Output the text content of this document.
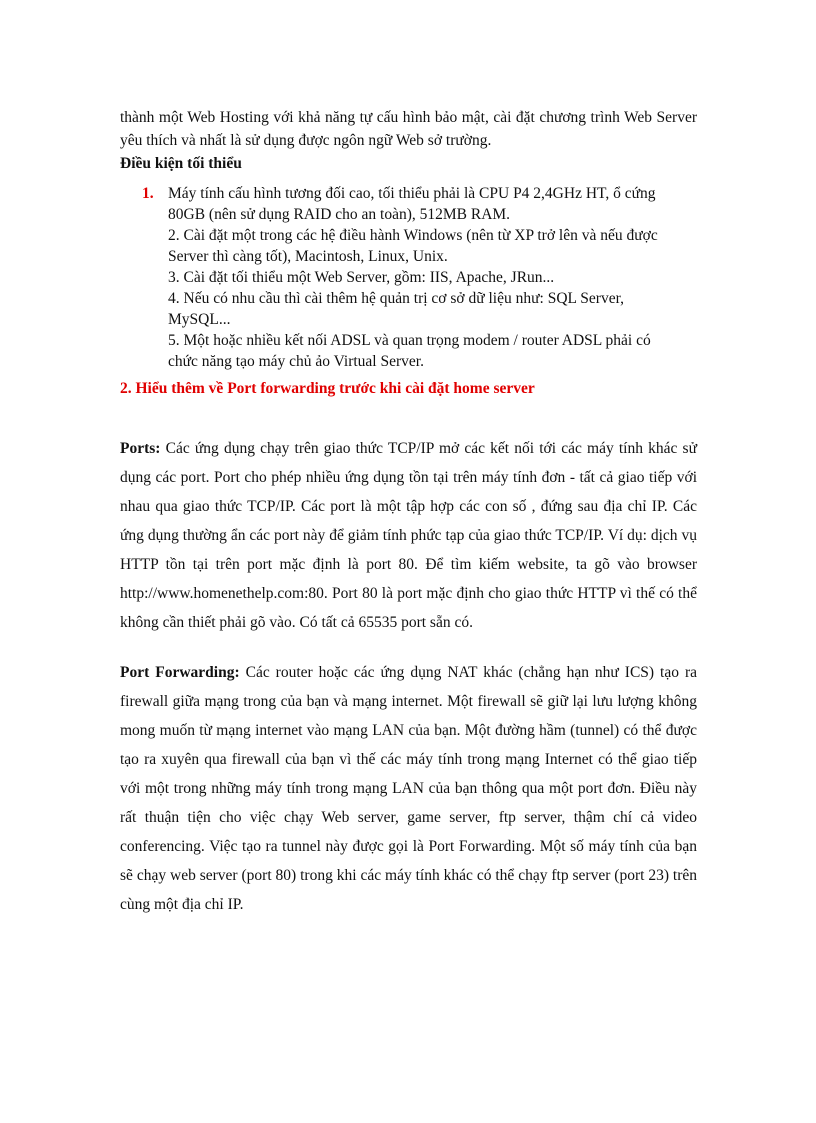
thành một Web Hosting với khả năng tự cấu hình bảo mật, cài đặt chương trình Web Server yêu thích và nhất là sử dụng được ngôn ngữ Web sở trường.

Điều kiện tối thiểu
1. Máy tính cấu hình tương đối cao, tối thiểu phải là CPU P4 2,4GHz HT, ổ cứng 80GB (nên sử dụng RAID cho an toàn), 512MB RAM.
2. Cài đặt một trong các hệ điều hành Windows (nên từ XP trở lên và nếu được Server thì càng tốt), Macintosh, Linux, Unix.
3. Cài đặt tối thiểu một Web Server, gồm: IIS, Apache, JRun...
4. Nếu có nhu cầu thì cài thêm hệ quản trị cơ sở dữ liệu như: SQL Server, MySQL...
5. Một hoặc nhiều kết nối ADSL và quan trọng modem / router ADSL phải có chức năng tạo máy chủ ảo Virtual Server.
2. Hiểu thêm về Port forwarding trước khi cài đặt home server

Ports: Các ứng dụng chạy trên giao thức TCP/IP mở các kết nối tới các máy tính khác sử dụng các port. Port cho phép nhiều ứng dụng tồn tại trên máy tính đơn - tất cả giao tiếp với nhau qua giao thức TCP/IP. Các port là một tập hợp các con số , đứng sau địa chỉ IP. Các ứng dụng thường ẩn các port này để giảm tính phức tạp của giao thức TCP/IP. Ví dụ: dịch vụ HTTP tồn tại trên port mặc định là port 80. Để tìm kiếm website, ta gõ vào browser http://www.homenethelp.com:80. Port 80 là port mặc định cho giao thức HTTP vì thế có thể không cần thiết phải gõ vào. Có tất cả 65535 port sẵn có.

Port Forwarding: Các router hoặc các ứng dụng NAT khác (chẳng hạn như ICS) tạo ra firewall giữa mạng trong của bạn và mạng internet. Một firewall sẽ giữ lại lưu lượng không mong muốn từ mạng internet vào mạng LAN của bạn. Một đường hầm (tunnel) có thể được tạo ra xuyên qua firewall của bạn vì thế các máy tính trong mạng Internet có thể giao tiếp với một trong những máy tính trong mạng LAN của bạn thông qua một port đơn. Điều này rất thuận tiện cho việc chạy Web server, game server, ftp server, thậm chí cả video conferencing. Việc tạo ra tunnel này được gọi là Port Forwarding. Một số máy tính của bạn sẽ chạy web server (port 80) trong khi các máy tính khác có thể chạy ftp server (port 23) trên cùng một địa chỉ IP.
